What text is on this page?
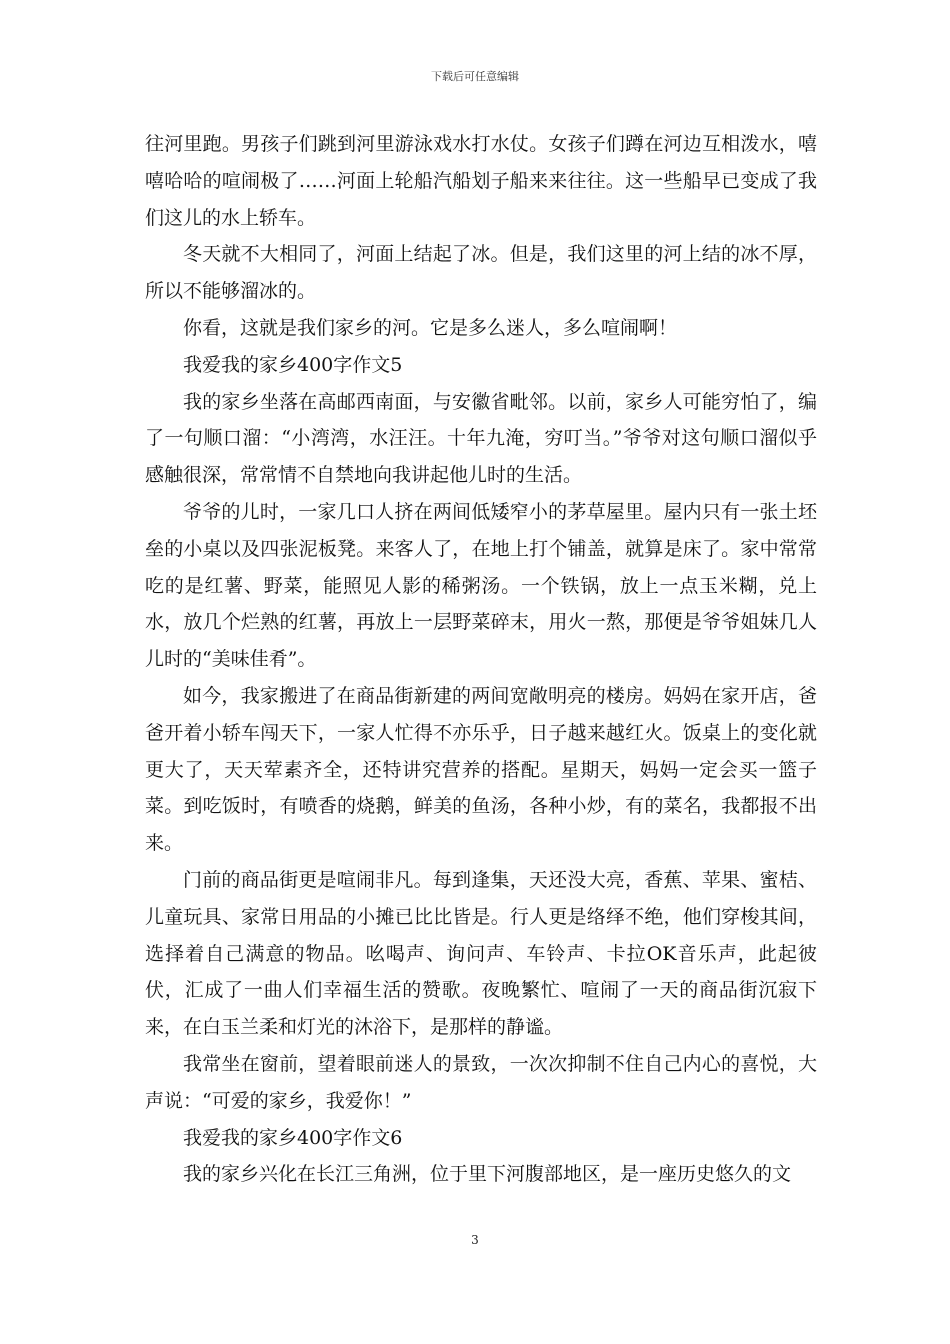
下载后可任意编辑

往河里跑。男孩子们跳到河里游泳戏水打水仗。女孩子们蹲在河边互相泼水，嘻嘻哈哈的喧闹极了……河面上轮船汽船划子船来来往往。这一些船早已变成了我们这儿的水上轿车。

冬天就不大相同了，河面上结起了冰。但是，我们这里的河上结的冰不厚，所以不能够溜冰的。

你看，这就是我们家乡的河。它是多么迷人，多么喧闹啊！

我爱我的家乡400字作文5

我的家乡坐落在高邮西南面，与安徽省毗邻。以前，家乡人可能穷怕了，编了一句顺口溜：“小湾湾，水汪汪。十年九淹，穷叮当。”爷爷对这句顺口溜似乎感触很深，常常情不自禁地向我讲起他儿时的生活。

爷爷的儿时，一家几口人挤在两间低矮窄小的茅草屋里。屋内只有一张土坯垒的小桌以及四张泥板凳。来客人了，在地上打个铺盖，就算是床了。家中常常吃的是红薯、野菜，能照见人影的稀粥汤。一个铁锅，放上一点玉米糊，兑上水，放几个烂熟的红薯，再放上一层野菜碎末，用火一熬，那便是爷爷姐妹几人儿时的“美味佳肴”。

如今，我家搬进了在商品街新建的两间宽敞明亮的楼房。妈妈在家开店，爸爸开着小轿车闯天下，一家人忙得不亦乐乎，日子越来越红火。饭桌上的变化就更大了，天天荤素齐全，还特讲究营养的搭配。星期天，妈妈一定会买一篮子菜。到吃饭时，有喷香的烧鹅，鲜美的鱼汤，各种小炒，有的菜名，我都报不出来。

门前的商品街更是喧闹非凡。每到逢集，天还没大亮，香蕉、苹果、蜜桔、儿童玩具、家常日用品的小摊已比比皆是。行人更是络绎不绝，他们穿梭其间，选择着自己满意的物品。吆喝声、询问声、车铃声、卡拉OK音乐声，此起彼伏，汇成了一曲人们幸福生活的赞歌。夜晚繁忙、喧闹了一天的商品街沉寂下来，在白玉兰柔和灯光的沐浴下，是那样的静谧。

我常坐在窗前，望着眼前迷人的景致，一次次抑制不住自己内心的喜悦，大声说：“可爱的家乡，我爱你！”

我爱我的家乡400字作文6

我的家乡兴化在长江三角洲，位于里下河腹部地区，是一座历史悠久的文

3
